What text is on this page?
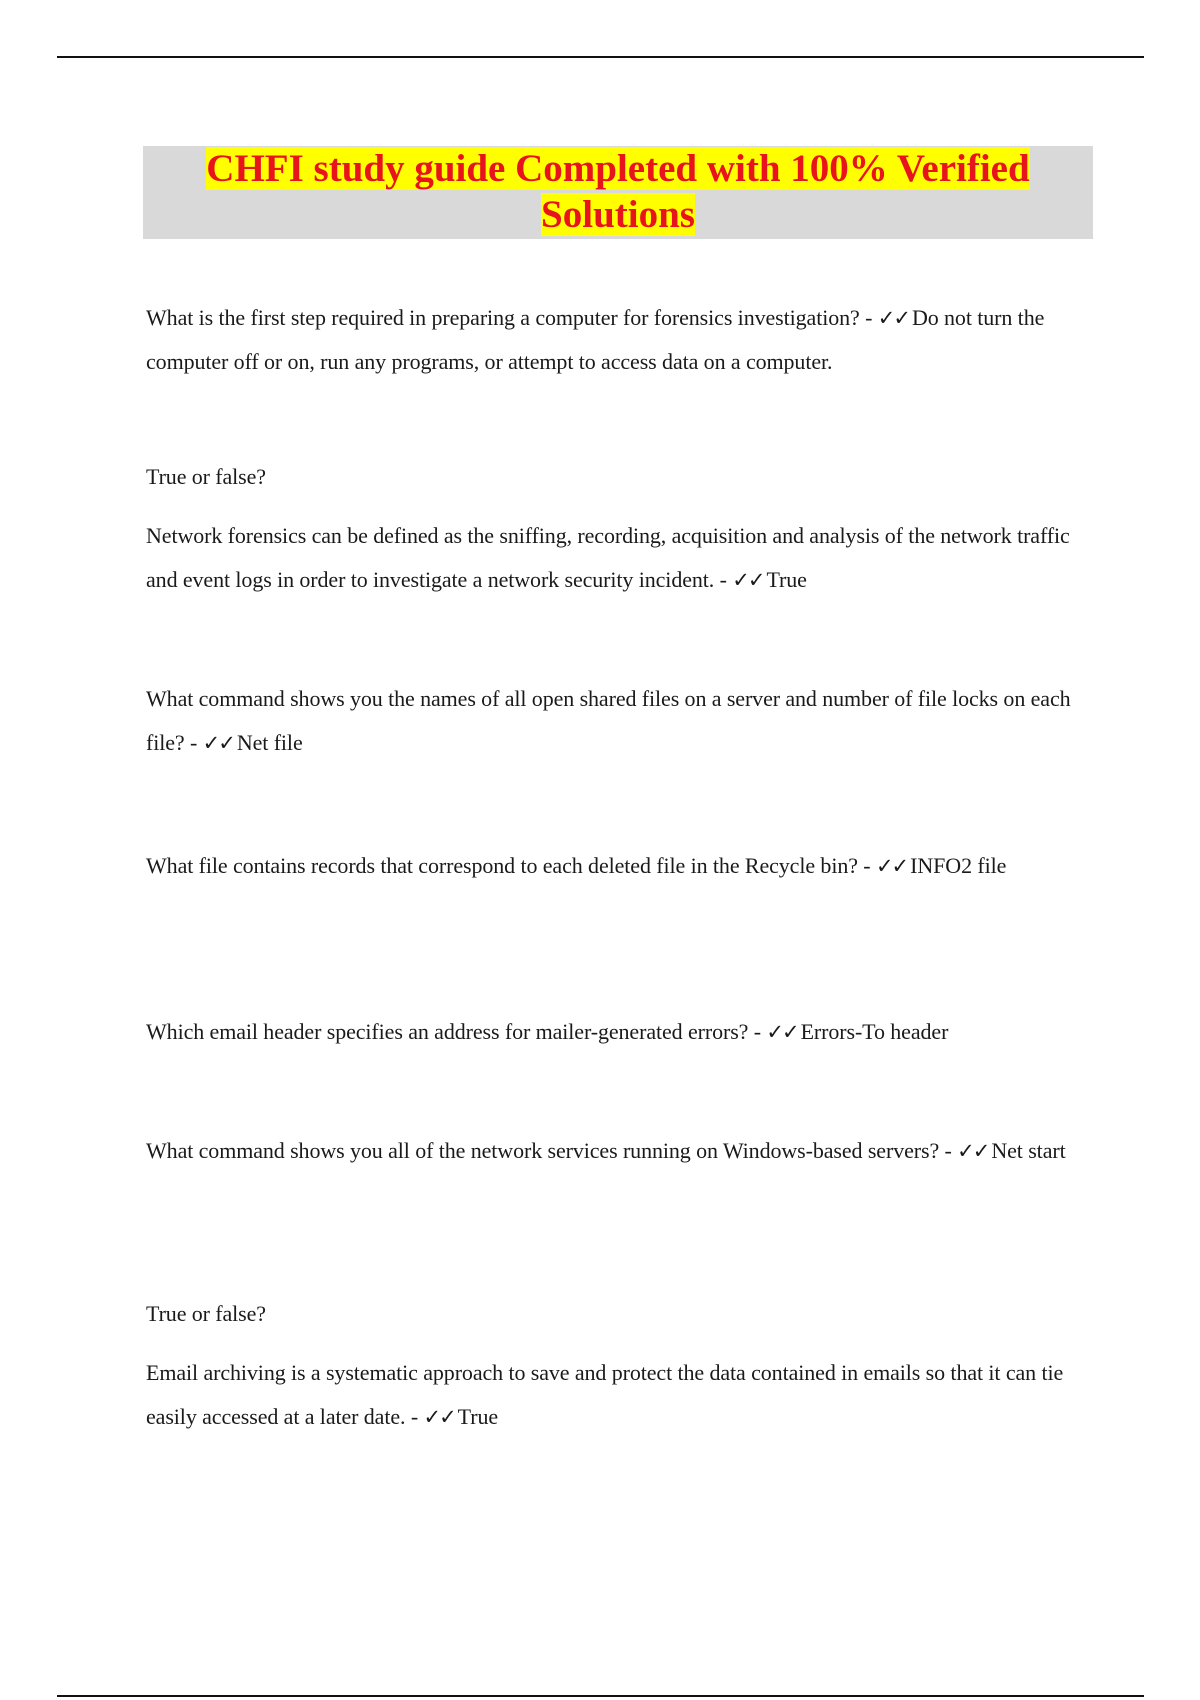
CHFI study guide Completed with 100% Verified Solutions

What is the first step required in preparing a computer for forensics investigation? - ✓✓ Do not turn the computer off or on, run any programs, or attempt to access data on a computer.

True or false?

Network forensics can be defined as the sniffing, recording, acquisition and analysis of the network traffic and event logs in order to investigate a network security incident. - ✓✓ True

What command shows you the names of all open shared files on a server and number of file locks on each file? - ✓✓ Net file

What file contains records that correspond to each deleted file in the Recycle bin? - ✓✓ INFO2 file

Which email header specifies an address for mailer-generated errors? - ✓✓ Errors-To header

What command shows you all of the network services running on Windows-based servers? - ✓✓ Net start

True or false?

Email archiving is a systematic approach to save and protect the data contained in emails so that it can tie easily accessed at a later date. - ✓✓ True
